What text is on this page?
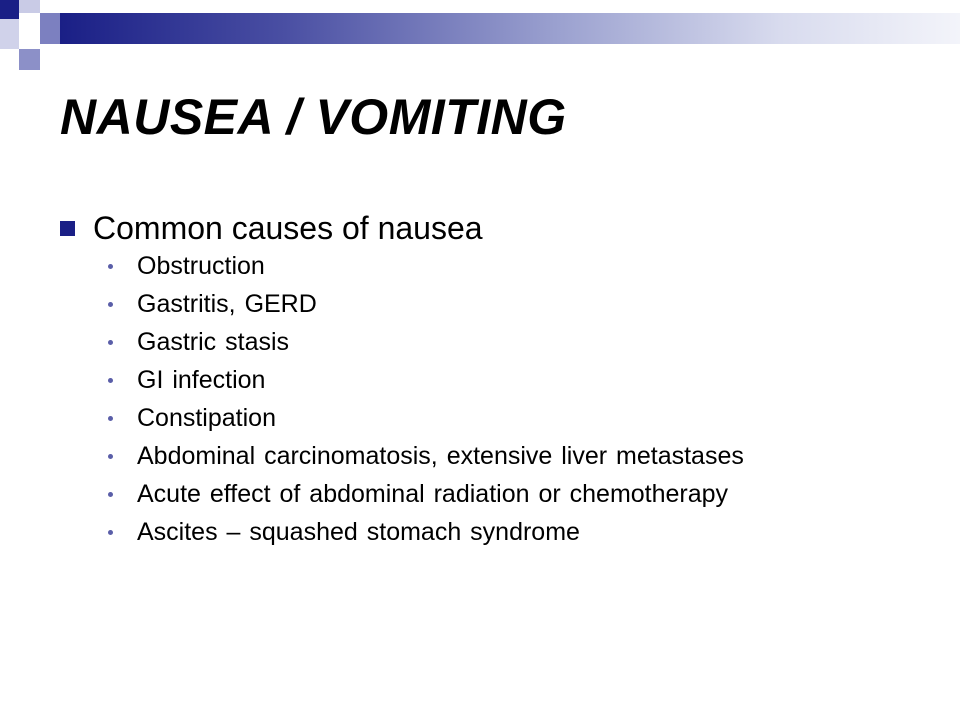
NAUSEA / VOMITING
Common causes of nausea
Obstruction
Gastritis, GERD
Gastric stasis
GI infection
Constipation
Abdominal carcinomatosis, extensive liver metastases
Acute effect of abdominal radiation or chemotherapy
Ascites – squashed stomach syndrome
